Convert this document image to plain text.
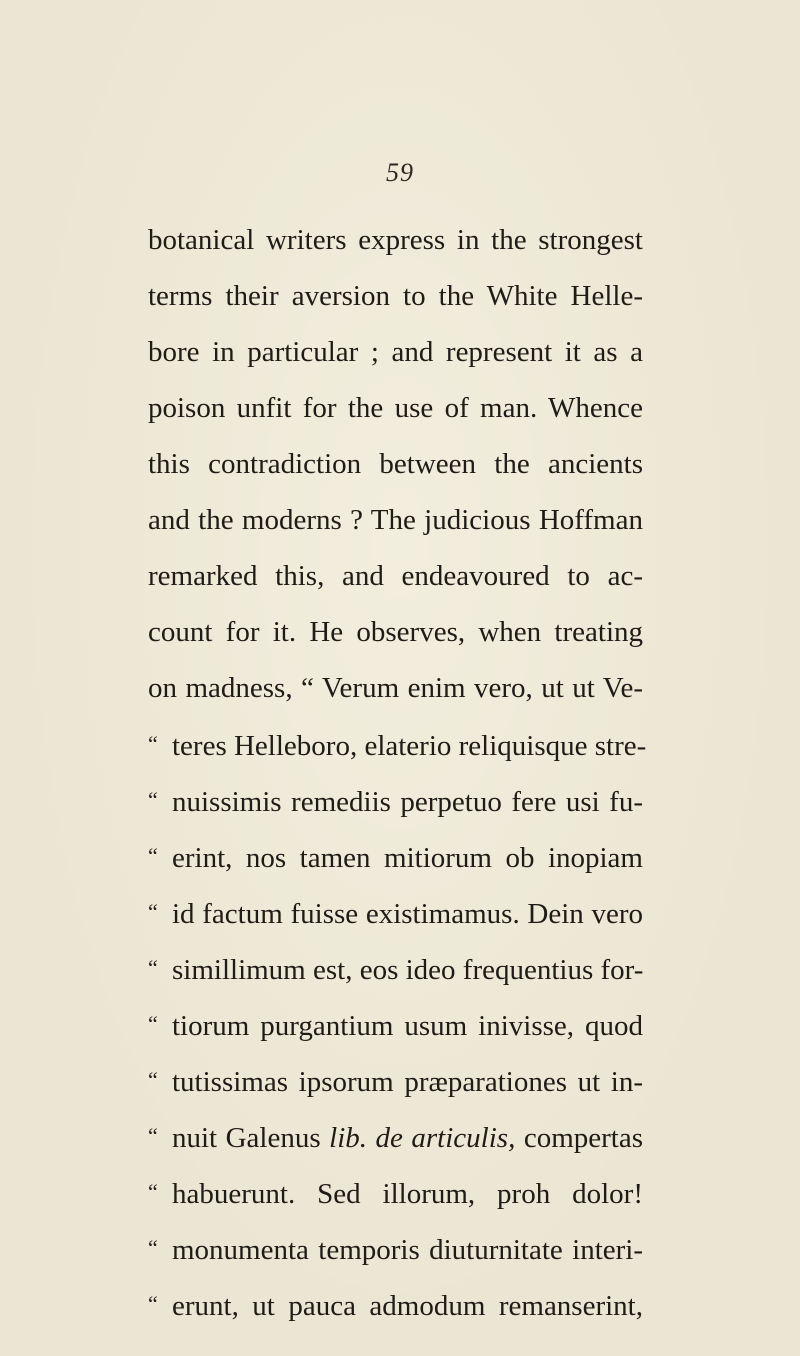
59
botanical writers express in the strongest
terms their aversion to the White Helle-
bore in particular ; and represent it as a
poison unfit for the use of man. Whence
this contradiction between the ancients
and the moderns ? The judicious Hoffman
remarked this, and endeavoured to ac-
count for it. He observes, when treating
on madness, “ Verum enim vero, ut ut Ve-
“ teres Helleboro, elaterio reliquisque stre-
“ nuissimis remediis perpetuo fere usi fu-
“ erint, nos tamen mitiorum ob inopiam
“ id factum fuisse existimamus. Dein vero
“ simillimum est, eos ideo frequentius for-
“ tiorum purgantium usum inivisse, quod
“ tutissimas ipsorum præparationes ut in-
“ nuit Galenus lib. de articulis, compertas
“ habuerunt. Sed illorum, proh dolor!
“ monumenta temporis diuturnitate interi-
“ erunt, ut pauca admodum remanserint,
